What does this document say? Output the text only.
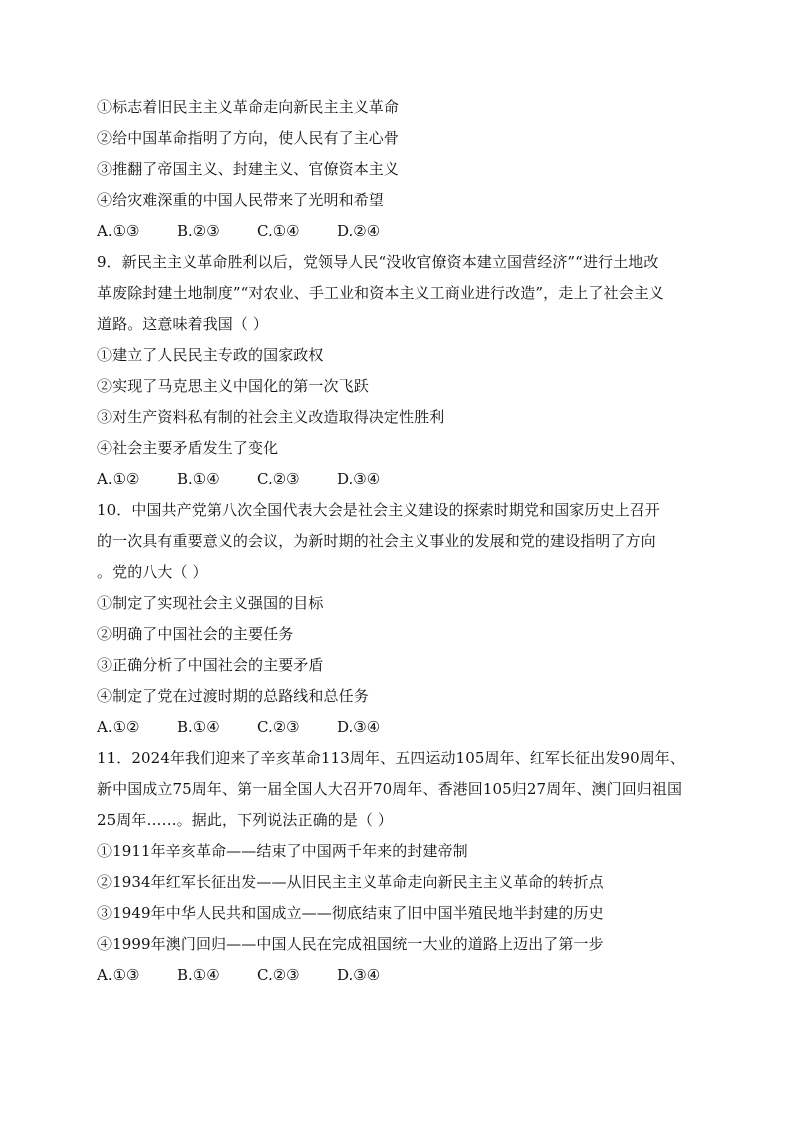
①标志着旧民主主义革命走向新民主主义革命
②给中国革命指明了方向，使人民有了主心骨
③推翻了帝国主义、封建主义、官僚资本主义
④给灾难深重的中国人民带来了光明和希望
A.①③	B.②③ C.①④ D.②④
9．新民主主义革命胜利以后，党领导人民“没收官僚资本建立国营经济”“进行土地改
革废除封建土地制度”“对农业、手工业和资本主义工商业进行改造”，走上了社会主义
道路。这意味着我国（ ）
①建立了人民民主专政的国家政权
②实现了马克思主义中国化的第一次飞跃
③对生产资料私有制的社会主义改造取得决定性胜利
④社会主要矛盾发生了变化
A.①②	B.①④ C.②③ D.③④
10．中国共产党第八次全国代表大会是社会主义建设的探索时期党和国家历史上召开
的一次具有重要意义的会议，为新时期的社会主义事业的发展和党的建设指明了方向
。党的八大（ ）
①制定了实现社会主义强国的目标
②明确了中国社会的主要任务
③正确分析了中国社会的主要矛盾
④制定了党在过渡时期的总路线和总任务
A.①②	B.①④ C.②③ D.③④
11．2024年我们迎来了辛亥革命113周年、五四运动105周年、红军长征出发90周年、
新中国成立75周年、第一届全国人大召开70周年、香港回105归27周年、澳门回归祖国
25周年……。据此，下列说法正确的是（ ）
①1911年辛亥革命——结束了中国两千年来的封建帝制
②1934年红军长征出发——从旧民主主义革命走向新民主主义革命的转折点
③1949年中华人民共和国成立——彻底结束了旧中国半殖民地半封建的历史
④1999年澳门回归——中国人民在完成祖国统一大业的道路上迈出了第一步
A.①③	B.①④ C.②③ D.③④
